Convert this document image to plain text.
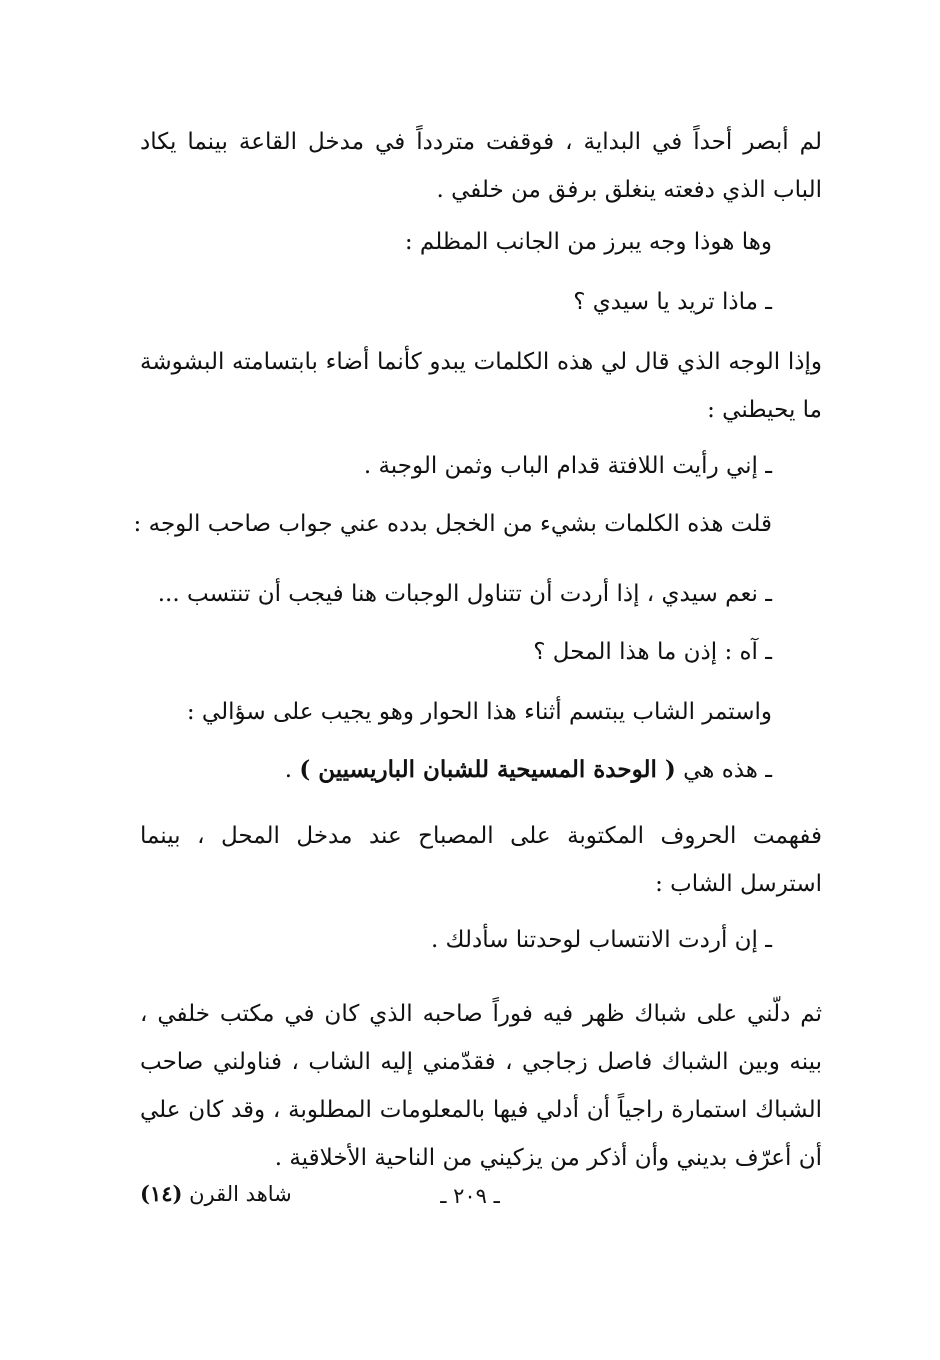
لم أبصر أحداً في البداية ، فوقفت متردداً في مدخل القاعة بينما يكاد الباب الذي دفعته ينغلق برفق من خلفي .
وها هوذا وجه يبرز من الجانب المظلم :
ـ ماذا تريد يا سيدي ؟
وإذا الوجه الذي قال لي هذه الكلمات يبدو كأنما أضاء بابتسامته البشوشة ما يحيطني :
ـ إني رأيت اللافتة قدام الباب وثمن الوجبة .
قلت هذه الكلمات بشيء من الخجل بدده عني جواب صاحب الوجه :
ـ نعم سيدي ، إذا أردت أن تتناول الوجبات هنا فيجب أن تنتسب ...
ـ آه : إذن ما هذا المحل ؟
واستمر الشاب يبتسم أثناء هذا الحوار وهو يجيب على سؤالي :
ـ هذه هي ( الوحدة المسيحية للشبان الباريسيين ) .
ففهمت الحروف المكتوبة على المصباح عند مدخل المحل ، بينما استرسل الشاب :
ـ إن أردت الانتساب لوحدتنا سأدلك .
ثم دلّني على شباك ظهر فيه فوراً صاحبه الذي كان في مكتب خلفي ، بينه وبين الشباك فاصل زجاجي ، فقدّمني إليه الشاب ، فناولني صاحب الشباك استمارة راجياً أن أدلي فيها بالمعلومات المطلوبة ، وقد كان علي أن أعرّف بديني وأن أذكر من يزكيني من الناحية الأخلاقية .
شاهد القرن (١٤)	ـ ٢٠٩ ـ
